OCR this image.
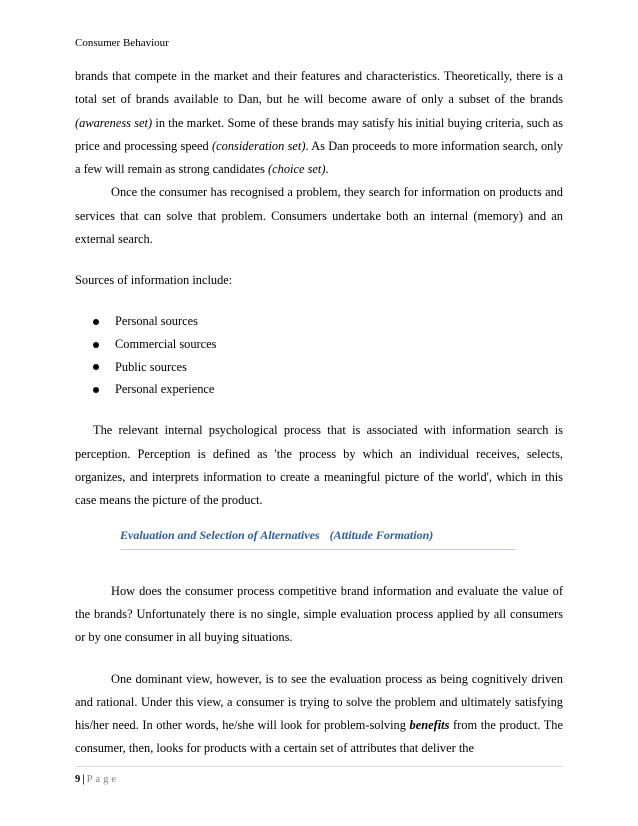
Consumer Behaviour

brands that compete in the market and their features and characteristics. Theoretically, there is a total set of brands available to Dan, but he will become aware of only a subset of the brands (awareness set) in the market. Some of these brands may satisfy his initial buying criteria, such as price and processing speed (consideration set). As Dan proceeds to more information search, only a few will remain as strong candidates (choice set).

Once the consumer has recognised a problem, they search for information on products and services that can solve that problem. Consumers undertake both an internal (memory) and an external search.

Sources of information include:

Personal sources
Commercial sources
Public sources
Personal experience

The relevant internal psychological process that is associated with information search is perception. Perception is defined as 'the process by which an individual receives, selects, organizes, and interprets information to create a meaningful picture of the world', which in this case means the picture of the product.

Evaluation and Selection of Alternatives (Attitude Formation)

How does the consumer process competitive brand information and evaluate the value of the brands? Unfortunately there is no single, simple evaluation process applied by all consumers or by one consumer in all buying situations.

One dominant view, however, is to see the evaluation process as being cognitively driven and rational. Under this view, a consumer is trying to solve the problem and ultimately satisfying his/her need. In other words, he/she will look for problem-solving benefits from the product. The consumer, then, looks for products with a certain set of attributes that deliver the

9 | Page
